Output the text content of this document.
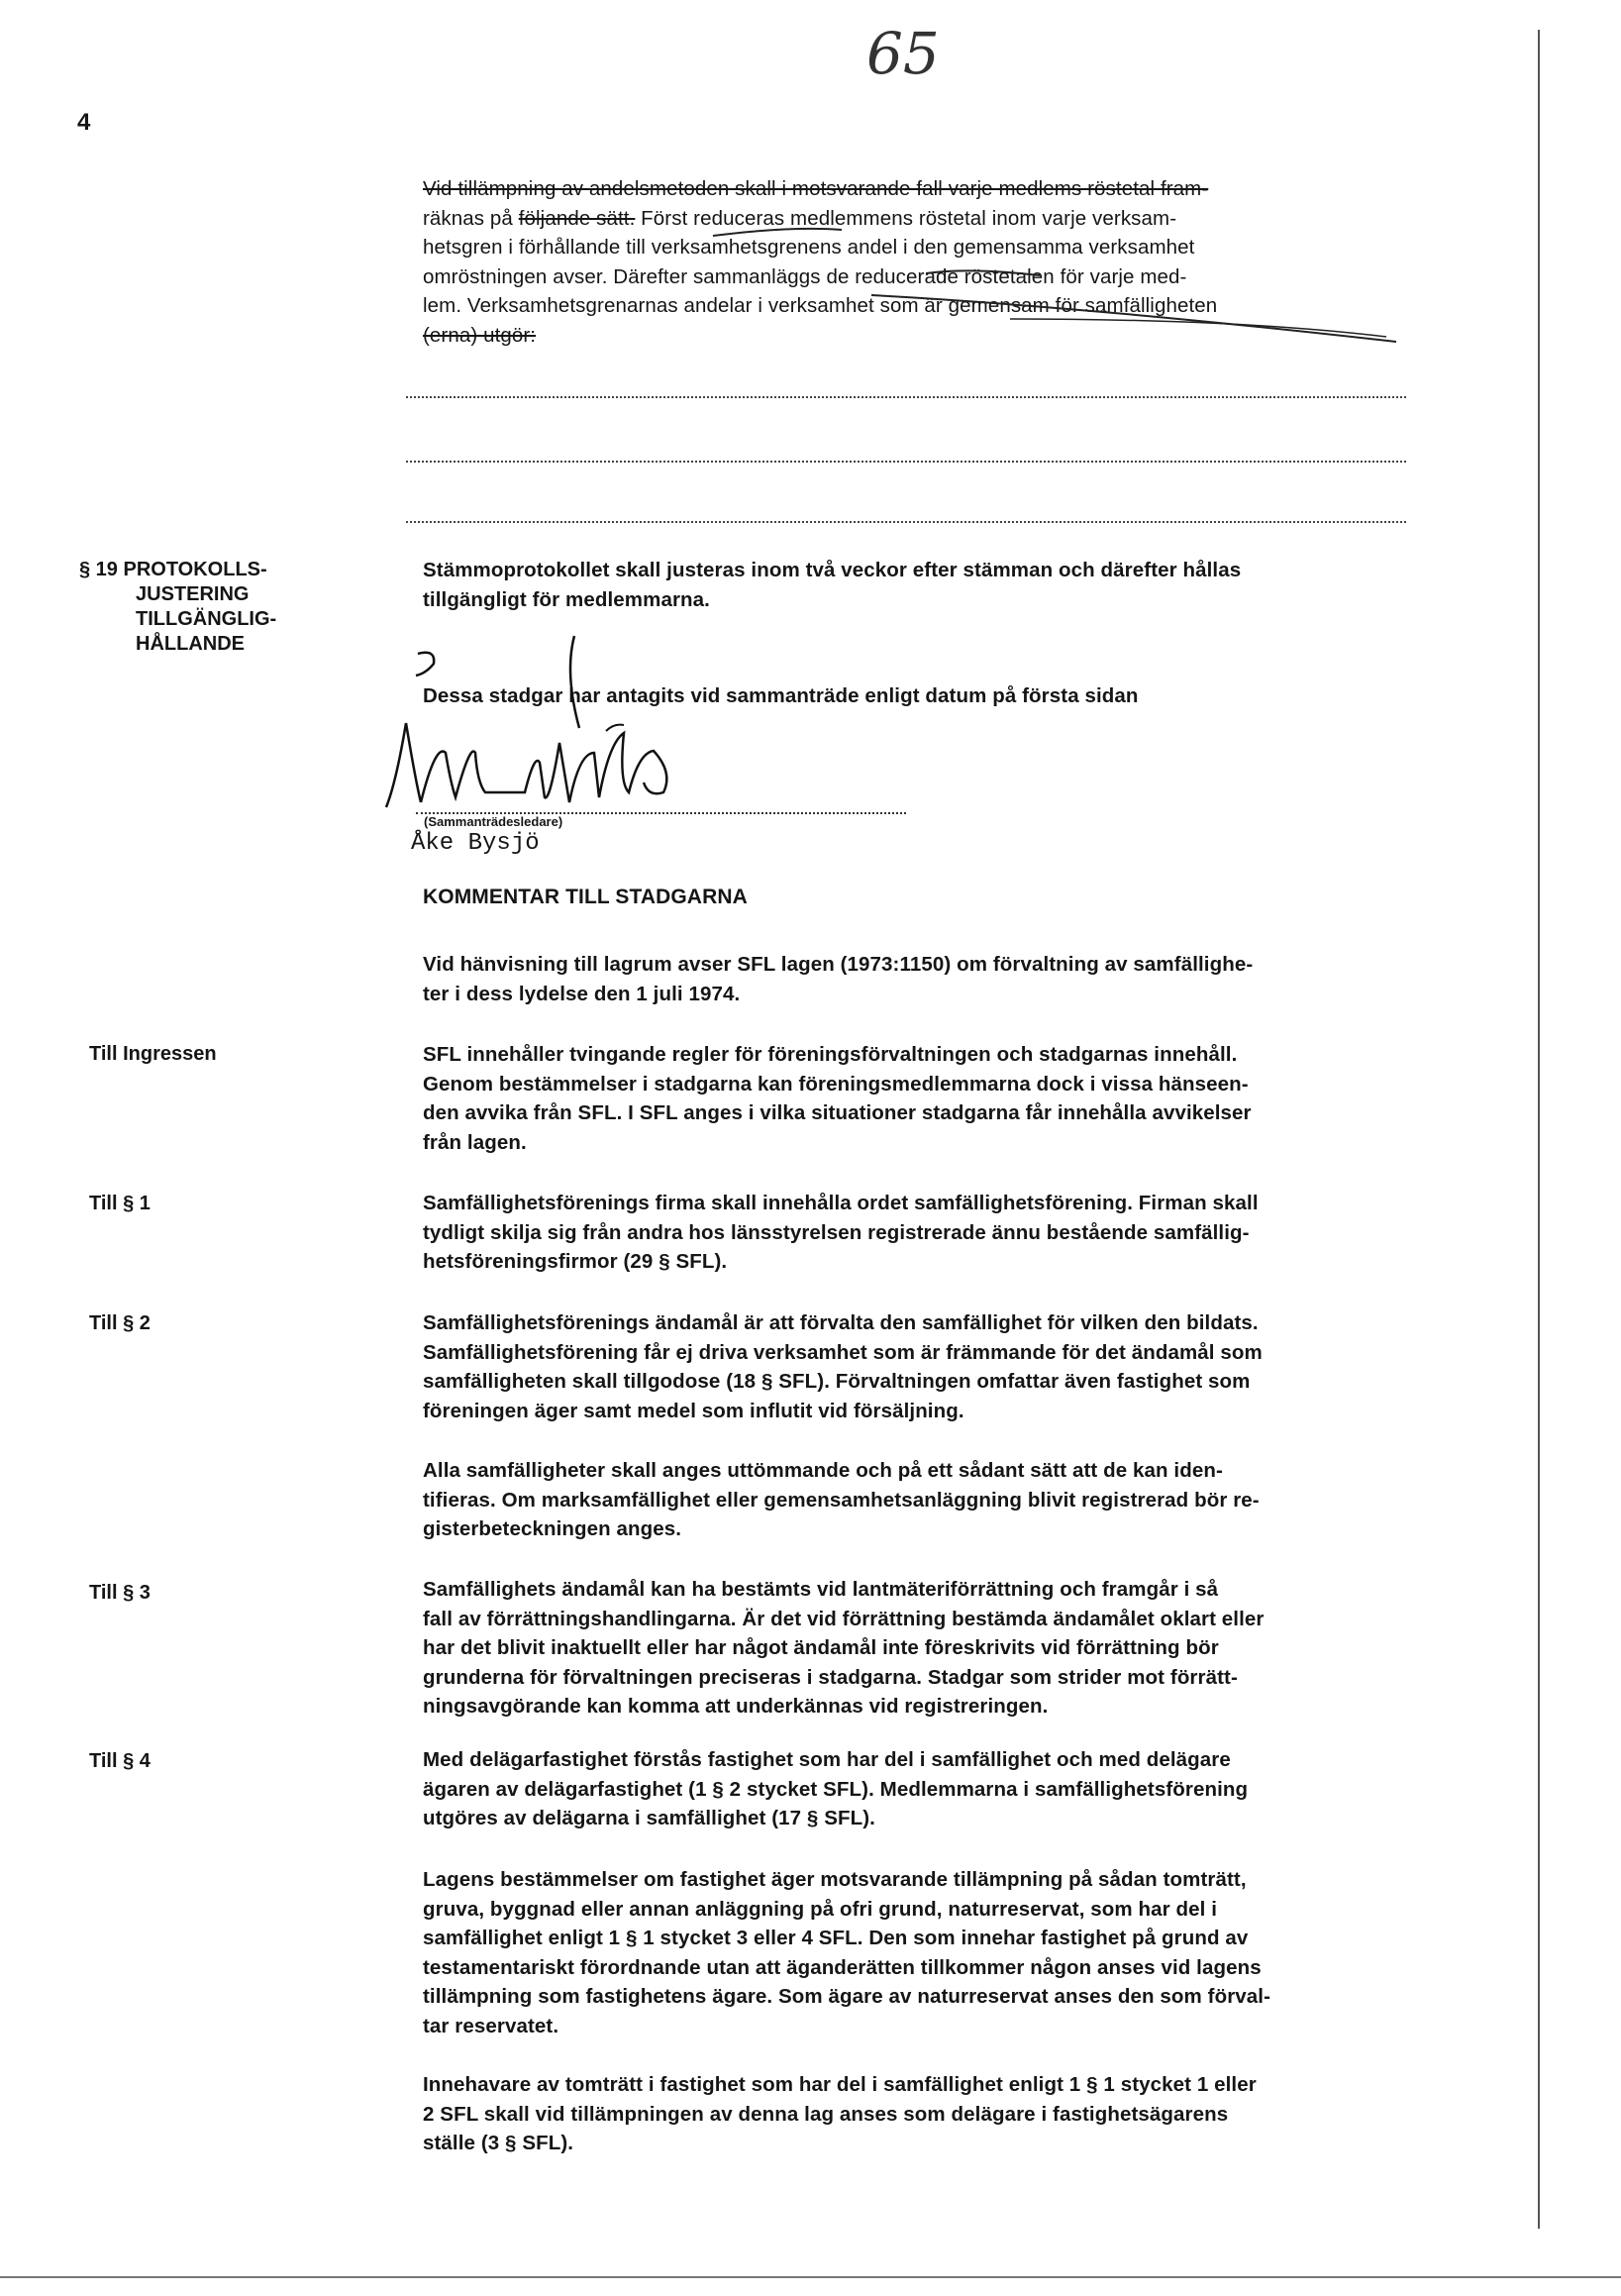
65
4

Vid tillämpning av andelsmetoden skall i motsvarande fall varje medlems röstetal fram-

räknas på följande sätt. Först reduceras medlemmens röstetal inom varje verksam-

hetsgren i förhållande till verksamhetsgrenens andel i den gemensamma verksamhet

omröstningen avser. Därefter sammanläggs de reducerade röstetalen för varje med-

lem. Verksamhetsgrenarnas andelar i verksamhet som är gemensam för samfälligheten

(erna) utgör:

§ 19 PROTOKOLLS-
JUSTERING
TILLGÄNGLIG-
HÅLLANDE

Stämmoprotokollet skall justeras inom två veckor efter stämman och därefter hållas

tillgängligt för medlemmarna.

Dessa stadgar har antagits vid sammanträde enligt datum på första sidan
(Sammanträdesledare)
Åke Bysjö
KOMMENTAR TILL STADGARNA

Vid hänvisning till lagrum avser SFL lagen (1973:1150) om förvaltning av samfällighe-

ter i dess lydelse den 1 juli 1974.

Till Ingressen	SFL innehåller tvingande regler för föreningsförvaltningen och stadgarnas innehåll.

Genom bestämmelser i stadgarna kan föreningsmedlemmarna dock i vissa hänseen-

den avvika från SFL. I SFL anges i vilka situationer stadgarna får innehålla avvikelser

från lagen.

Till § 1	Samfällighetsförenings firma skall innehålla ordet samfällighetsförening. Firman skall

tydligt skilja sig från andra hos länsstyrelsen registrerade ännu bestående samfällig-

hetsföreningsfirmor (29 § SFL).

Till § 2	Samfällighetsförenings ändamål är att förvalta den samfällighet för vilken den bildats.

Samfällighetsförening får ej driva verksamhet som är främmande för det ändamål som

samfälligheten skall tillgodose (18 § SFL). Förvaltningen omfattar även fastighet som

föreningen äger samt medel som influtit vid försäljning.

Alla samfälligheter skall anges uttömmande och på ett sådant sätt att de kan iden-

tifieras. Om marksamfällighet eller gemensamhetsanläggning blivit registrerad bör re-

gisterbeteckningen anges.

Till § 3	Samfällighets ändamål kan ha bestämts vid lantmäteriförrättning och framgår i så

fall av förrättningshandlingarna. Är det vid förrättning bestämda ändamålet oklart eller

har det blivit inaktuellt eller har något ändamål inte föreskrivits vid förrättning bör

grunderna för förvaltningen preciseras i stadgarna. Stadgar som strider mot förrätt-

ningsavgörande kan komma att underkännas vid registreringen.

Till § 4	Med delägarfastighet förstås fastighet som har del i samfällighet och med delägare

ägaren av delägarfastighet (1 § 2 stycket SFL). Medlemmarna i samfällighetsförening

utgöres av delägarna i samfällighet (17 § SFL).

Lagens bestämmelser om fastighet äger motsvarande tillämpning på sådan tomträtt,

gruva, byggnad eller annan anläggning på ofri grund, naturreservat, som har del i

samfällighet enligt 1 § 1 stycket 3 eller 4 SFL. Den som innehar fastighet på grund av

testamentariskt förordnande utan att äganderätten tillkommer någon anses vid lagens

tillämpning som fastighetens ägare. Som ägare av naturreservat anses den som förval-

tar reservatet.

Innehavare av tomträtt i fastighet som har del i samfällighet enligt 1 § 1 stycket 1 eller

2 SFL skall vid tillämpningen av denna lag anses som delägare i fastighetsägarens

ställe (3 § SFL).
